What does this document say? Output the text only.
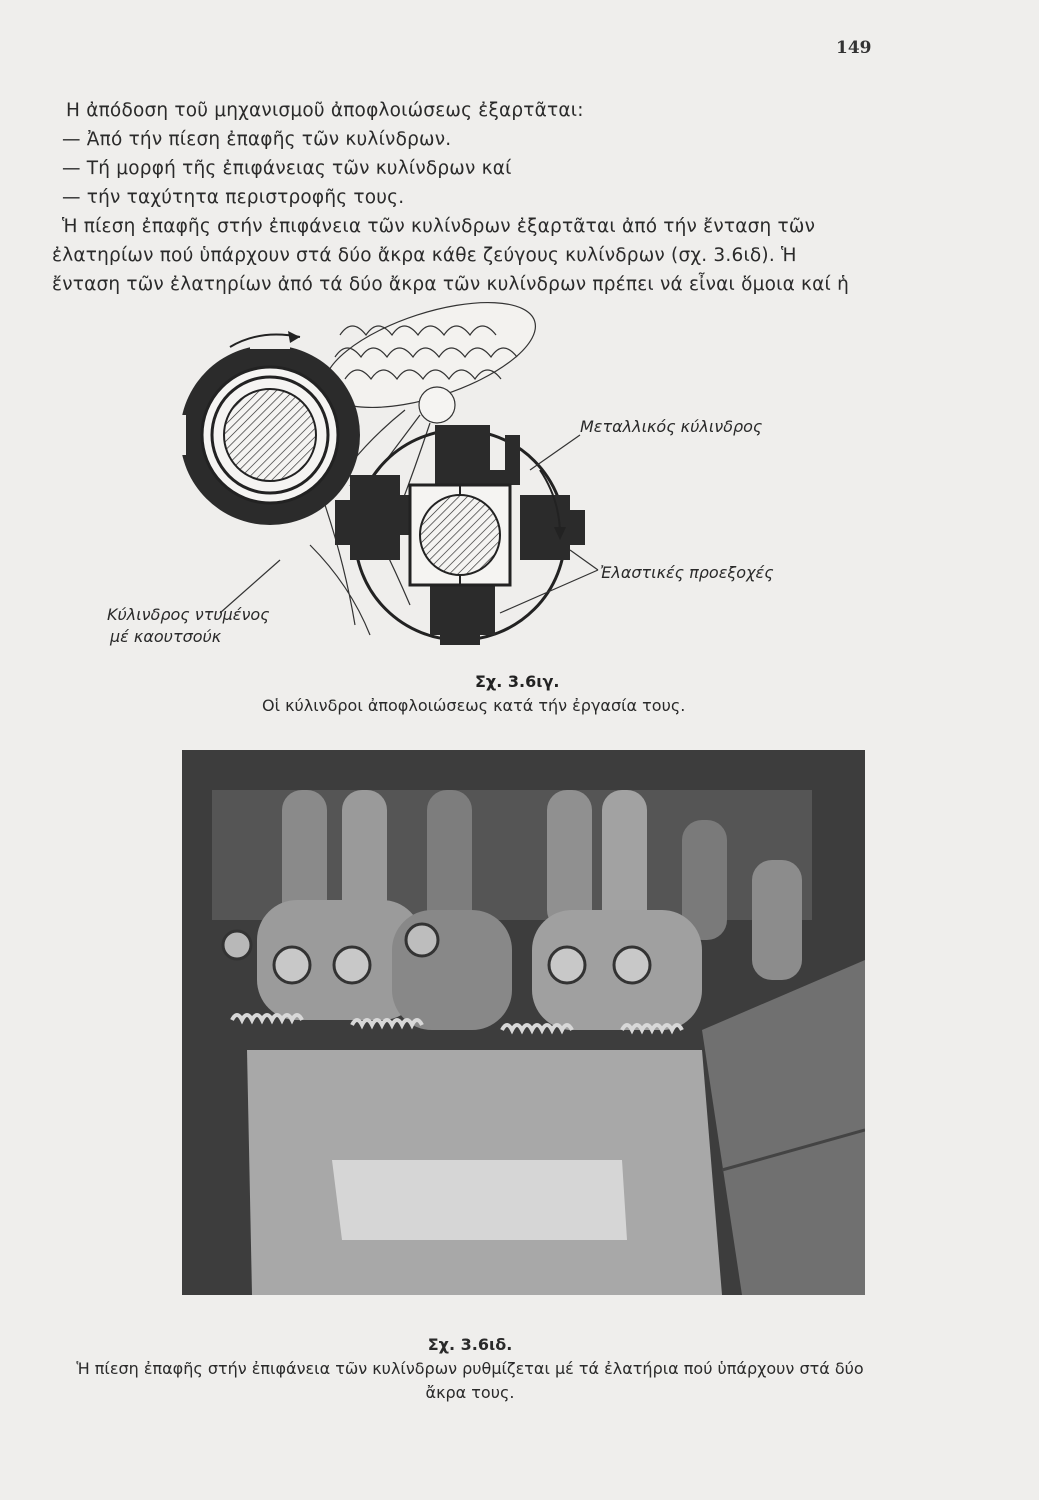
149
Η ἀπόδοση τοῦ μηχανισμοῦ ἀποφλοιώσεως ἐξαρτᾶται:
— Ἀπό τήν πίεση ἐπαφῆς τῶν κυλίνδρων.
— Τή μορφή τῆς ἐπιφάνειας τῶν κυλίνδρων καί
— τήν ταχύτητα περιστροφῆς τους.
Ἡ πίεση ἐπαφῆς στήν ἐπιφάνεια τῶν κυλίνδρων ἐξαρτᾶται ἀπό τήν ἔνταση τῶν
ἐλατηρίων πού ὑπάρχουν στά δύο ἄκρα κάθε ζεύγους κυλίνδρων (σχ. 3.6ιδ). Ἡ
ἔνταση τῶν ἐλατηρίων ἀπό τά δύο ἄκρα τῶν κυλίνδρων πρέπει νά εἶναι ὅμοια καί ἡ
Μεταλλικός κύλινδρος
Ἐλαστικές προεξοχές
Κύλινδρος ντυμένος
μέ καουτσούκ
Σχ. 3.6ιγ.
Οἱ κύλινδροι ἀποφλοιώσεως κατά τήν ἐργασία τους.
Σχ. 3.6ιδ.
Ἡ πίεση ἐπαφῆς στήν ἐπιφάνεια τῶν κυλίνδρων ρυθμίζεται μέ τά ἐλατήρια πού ὑπάρχουν στά δύο
ἄκρα τους.
